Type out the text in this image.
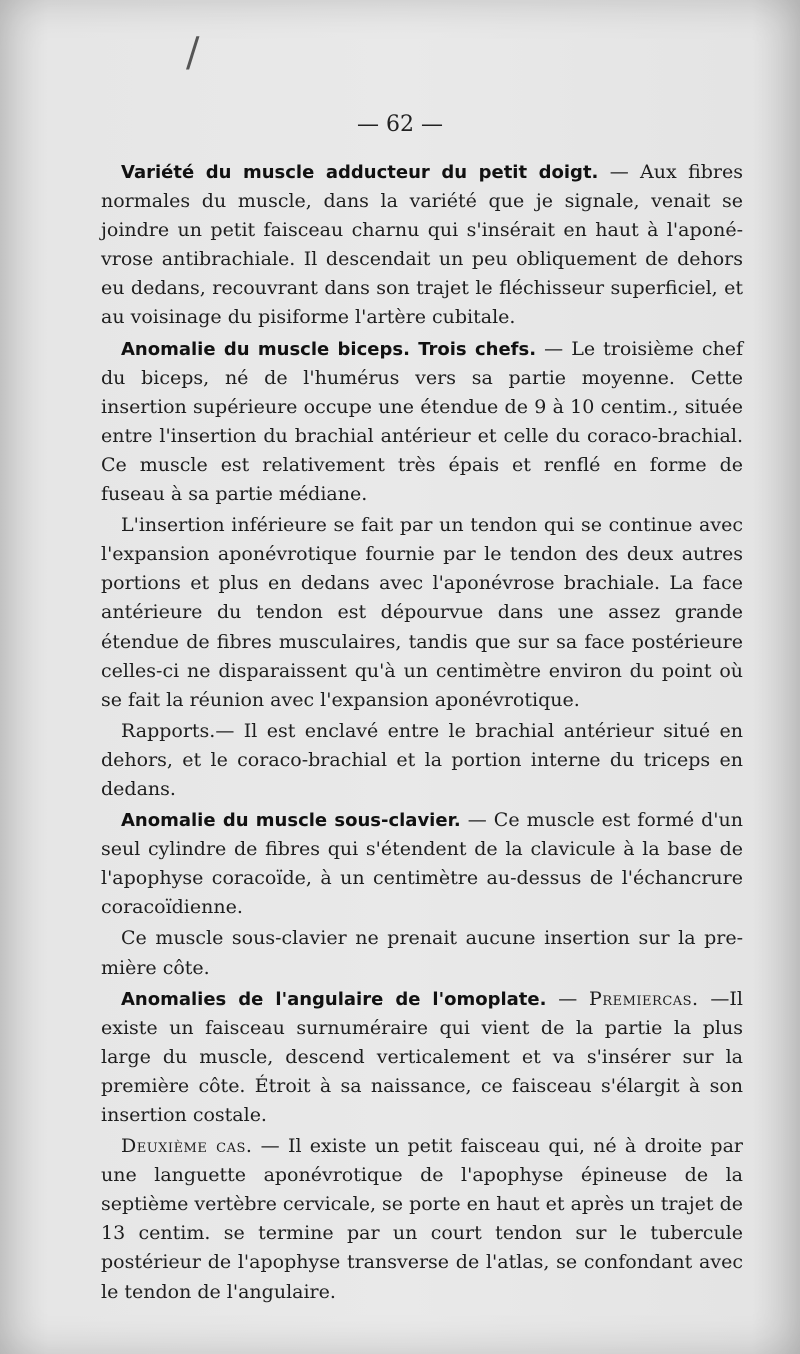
/
— 62 —

Variété du muscle adducteur du petit doigt. — Aux fibres normales du muscle, dans la variété que je signale, venait se joindre un petit faisceau charnu qui s'insérait en haut à l'aponévrose antibrachiale. Il descendait un peu obliquement de dehors eu dedans, recouvrant dans son trajet le fléchisseur superficiel, et au voisinage du pisiforme l'artère cubitale.

Anomalie du muscle biceps. Trois chefs. — Le troisième chef du biceps, né de l'humérus vers sa partie moyenne. Cette insertion supérieure occupe une étendue de 9 à 10 centim., située entre l'insertion du brachial antérieur et celle du coraco-brachial. Ce muscle est relativement très épais et renflé en forme de fuseau à sa partie médiane.

L'insertion inférieure se fait par un tendon qui se continue avec l'expansion aponévrotique fournie par le tendon des deux autres portions et plus en dedans avec l'aponévrose brachiale. La face antérieure du tendon est dépourvue dans une assez grande étendue de fibres musculaires, tandis que sur sa face postérieure celles-ci ne disparaissent qu'à un centimètre environ du point où se fait la réunion avec l'expansion aponévrotique.

Rapports.— Il est enclavé entre le brachial antérieur situé en dehors, et le coraco-brachial et la portion interne du triceps en dedans.

Anomalie du muscle sous-clavier. — Ce muscle est formé d'un seul cylindre de fibres qui s'étendent de la clavicule à la base de l'apophyse coracoïde, à un centimètre au-dessus de l'échancrure coracoïdienne.

Ce muscle sous-clavier ne prenait aucune insertion sur la première côte.

Anomalies de l'angulaire de l'omoplate. — Premiercas. —Il existe un faisceau surnuméraire qui vient de la partie la plus large du muscle, descend verticalement et va s'insérer sur la première côte. Étroit à sa naissance, ce faisceau s'élargit à son insertion costale.

Deuxième cas. — Il existe un petit faisceau qui, né à droite par une languette aponévrotique de l'apophyse épineuse de la septième vertèbre cervicale, se porte en haut et après un trajet de 13 centim. se termine par un court tendon sur le tubercule postérieur de l'apophyse transverse de l'atlas, se confondant avec le tendon de l'angulaire.
